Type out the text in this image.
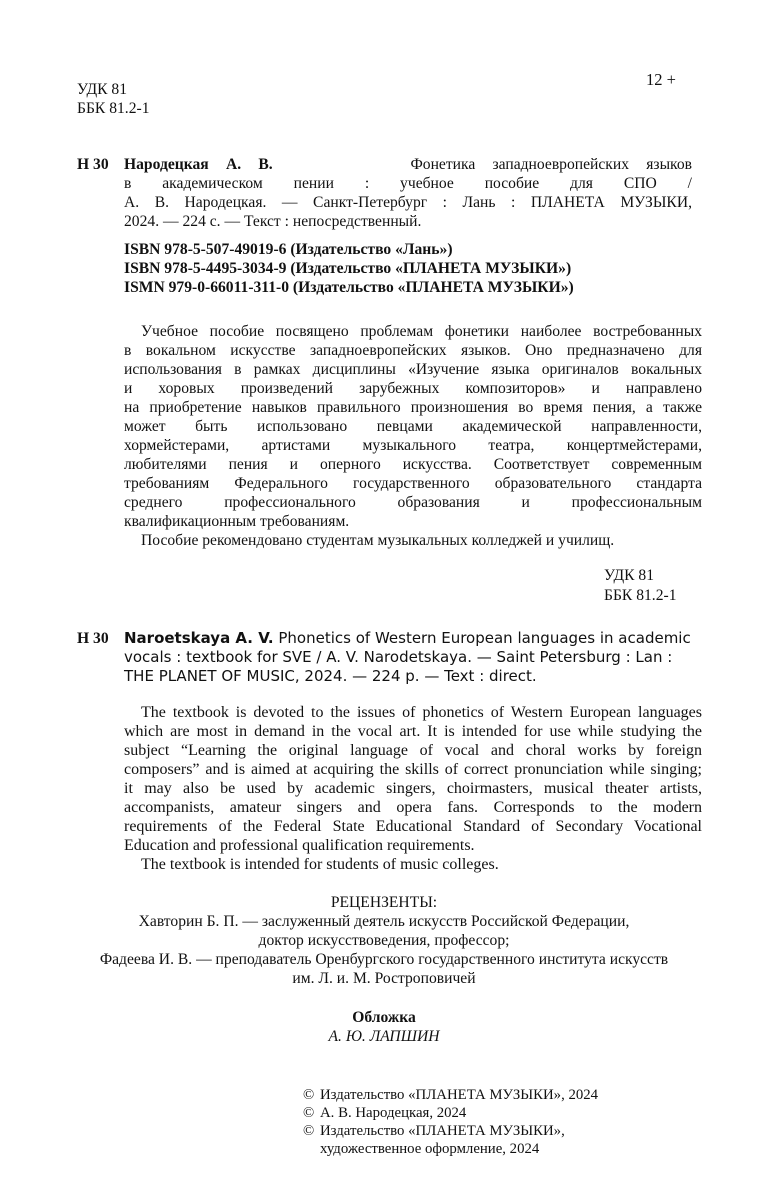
УДК 81
ББК 81.2-1
12 +
Н 30 Народецкая А. В.	Фонетика западноевропейских языков
в академическом пении : учебное пособие для СПО /
А. В. Народецкая. — Санкт-Петербург : Лань : ПЛАНЕТА МУЗЫКИ,
2024. — 224 с. — Текст : непосредственный.
ISBN 978-5-507-49019-6 (Издательство «Лань»)
ISBN 978-5-4495-3034-9 (Издательство «ПЛАНЕТА МУЗЫКИ»)
ISMN 979-0-66011-311-0 (Издательство «ПЛАНЕТА МУЗЫКИ»)
Учебное пособие посвящено проблемам фонетики наиболее востребованных
в вокальном искусстве западноевропейских языков. Оно предназначено для
использования в рамках дисциплины «Изучение языка оригиналов вокальных
и хоровых произведений зарубежных композиторов» и направлено
на приобретение навыков правильного произношения во время пения, а также
может быть использовано певцами академической направленности,
хормейстерами, артистами музыкального театра, концертмейстерами,
любителями пения и оперного искусства. Соответствует современным
требованиям Федерального государственного образовательного стандарта
среднего профессионального образования и профессиональным
квалификационным требованиям.
Пособие рекомендовано студентам музыкальных колледжей и училищ.
УДК 81
ББК 81.2-1
Н 30 Naroetskaya A. V. Phonetics of Western European languages in academic
vocals : textbook for SVE / A. V. Narodetskaya. — Saint Petersburg : Lan :
THE PLANET OF MUSIC, 2024. — 224 p. — Text : direct.
The textbook is devoted to the issues of phonetics of Western European languages
which are most in demand in the vocal art. It is intended for use while studying the
subject “Learning the original language of vocal and choral works by foreign
composers” and is aimed at acquiring the skills of correct pronunciation while singing;
it may also be used by academic singers, choirmasters, musical theater artists,
accompanists, amateur singers and opera fans. Corresponds to the modern
requirements of the Federal State Educational Standard of Secondary Vocational
Education and professional qualification requirements.
The textbook is intended for students of music colleges.
РЕЦЕНЗЕНТЫ:
Хавторин Б. П. — заслуженный деятель искусств Российской Федерации,
доктор искусствоведения, профессор;
Фадеева И. В. — преподаватель Оренбургского государственного института искусств
им. Л. и. М. Ростроповичей
Обложка
А. Ю. ЛАПШИН
© Издательство «ПЛАНЕТА МУЗЫКИ», 2024
© А. В. Народецкая, 2024
© Издательство «ПЛАНЕТА МУЗЫКИ»,
художественное оформление, 2024
